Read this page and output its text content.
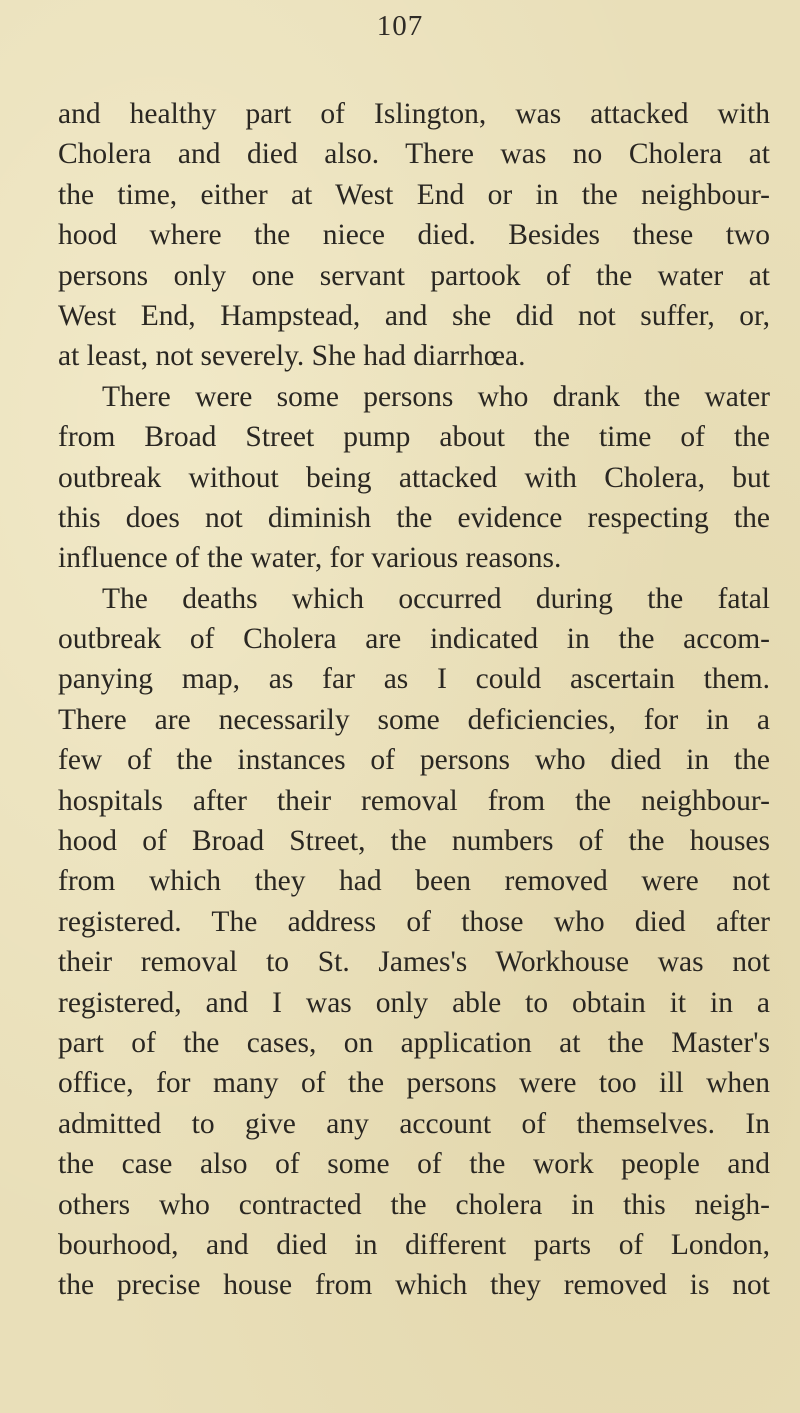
107
and healthy part of Islington, was attacked with
Cholera and died also. There was no Cholera at
the time, either at West End or in the neighbour-
hood where the niece died. Besides these two
persons only one servant partook of the water at
West End, Hampstead, and she did not suffer, or,
at least, not severely. She had diarrhœa.
There were some persons who drank the water
from Broad Street pump about the time of the
outbreak without being attacked with Cholera, but
this does not diminish the evidence respecting the
influence of the water, for various reasons.
The deaths which occurred during the fatal
outbreak of Cholera are indicated in the accom-
panying map, as far as I could ascertain them.
There are necessarily some deficiencies, for in a
few of the instances of persons who died in the
hospitals after their removal from the neighbour-
hood of Broad Street, the numbers of the houses
from which they had been removed were not
registered. The address of those who died after
their removal to St. James's Workhouse was not
registered, and I was only able to obtain it in a
part of the cases, on application at the Master's
office, for many of the persons were too ill when
admitted to give any account of themselves. In
the case also of some of the work people and
others who contracted the cholera in this neigh-
bourhood, and died in different parts of London,
the precise house from which they removed is not
